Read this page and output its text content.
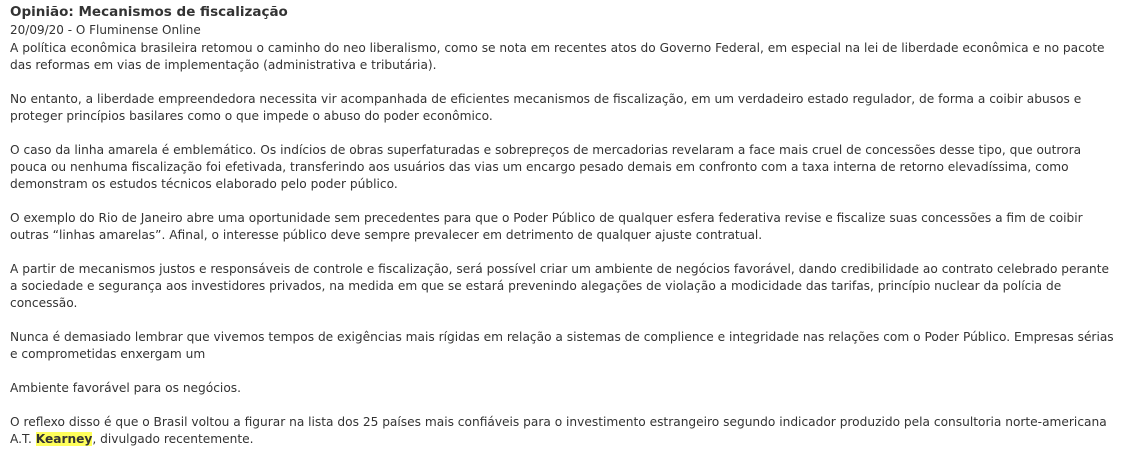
Opinião: Mecanismos de fiscalização
20/09/20 - O Fluminense Online

A política econômica brasileira retomou o caminho do neo liberalismo, como se nota em recentes atos do Governo Federal, em especial na lei de liberdade econômica e no pacote das reformas em vias de implementação (administrativa e tributária).

No entanto, a liberdade empreendedora necessita vir acompanhada de eficientes mecanismos de fiscalização, em um verdadeiro estado regulador, de forma a coibir abusos e proteger princípios basilares como o que impede o abuso do poder econômico.

O caso da linha amarela é emblemático. Os indícios de obras superfaturadas e sobrepreços de mercadorias revelaram a face mais cruel de concessões desse tipo, que outrora pouca ou nenhuma fiscalização foi efetivada, transferindo aos usuários das vias um encargo pesado demais em confronto com a taxa interna de retorno elevadíssima, como demonstram os estudos técnicos elaborado pelo poder público.

O exemplo do Rio de Janeiro abre uma oportunidade sem precedentes para que o Poder Público de qualquer esfera federativa revise e fiscalize suas concessões a fim de coibir outras “linhas amarelas”. Afinal, o interesse público deve sempre prevalecer em detrimento de qualquer ajuste contratual.

A partir de mecanismos justos e responsáveis de controle e fiscalização, será possível criar um ambiente de negócios favorável, dando credibilidade ao contrato celebrado perante a sociedade e segurança aos investidores privados, na medida em que se estará prevenindo alegações de violação a modicidade das tarifas, princípio nuclear da polícia de concessão.

Nunca é demasiado lembrar que vivemos tempos de exigências mais rígidas em relação a sistemas de complience e integridade nas relações com o Poder Público. Empresas sérias e comprometidas enxergam um

Ambiente favorável para os negócios.

O reflexo disso é que o Brasil voltou a figurar na lista dos 25 países mais confiáveis para o investimento estrangeiro segundo indicador produzido pela consultoria norte-americana A.T. Kearney, divulgado recentemente.
